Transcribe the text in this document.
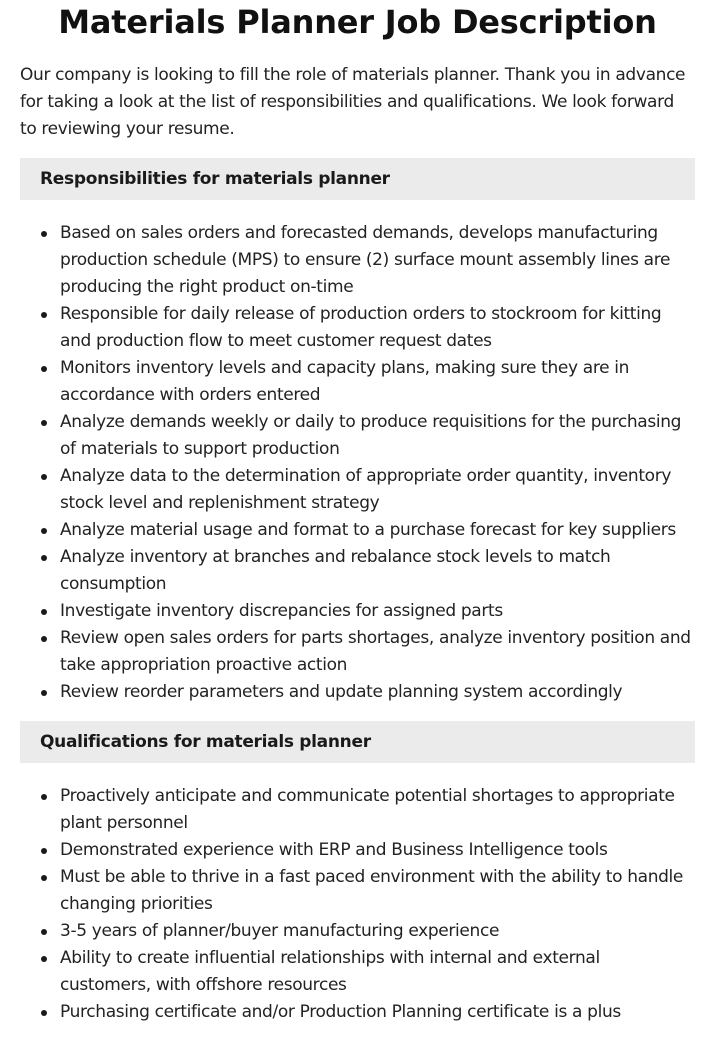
Materials Planner Job Description

Our company is looking to fill the role of materials planner. Thank you in advance for taking a look at the list of responsibilities and qualifications. We look forward to reviewing your resume.

Responsibilities for materials planner
Based on sales orders and forecasted demands, develops manufacturing production schedule (MPS) to ensure (2) surface mount assembly lines are producing the right product on-time
Responsible for daily release of production orders to stockroom for kitting and production flow to meet customer request dates
Monitors inventory levels and capacity plans, making sure they are in accordance with orders entered
Analyze demands weekly or daily to produce requisitions for the purchasing of materials to support production
Analyze data to the determination of appropriate order quantity, inventory stock level and replenishment strategy
Analyze material usage and format to a purchase forecast for key suppliers
Analyze inventory at branches and rebalance stock levels to match consumption
Investigate inventory discrepancies for assigned parts
Review open sales orders for parts shortages, analyze inventory position and take appropriation proactive action
Review reorder parameters and update planning system accordingly
Qualifications for materials planner
Proactively anticipate and communicate potential shortages to appropriate plant personnel
Demonstrated experience with ERP and Business Intelligence tools
Must be able to thrive in a fast paced environment with the ability to handle changing priorities
3-5 years of planner/buyer manufacturing experience
Ability to create influential relationships with internal and external customers, with offshore resources
Purchasing certificate and/or Production Planning certificate is a plus
